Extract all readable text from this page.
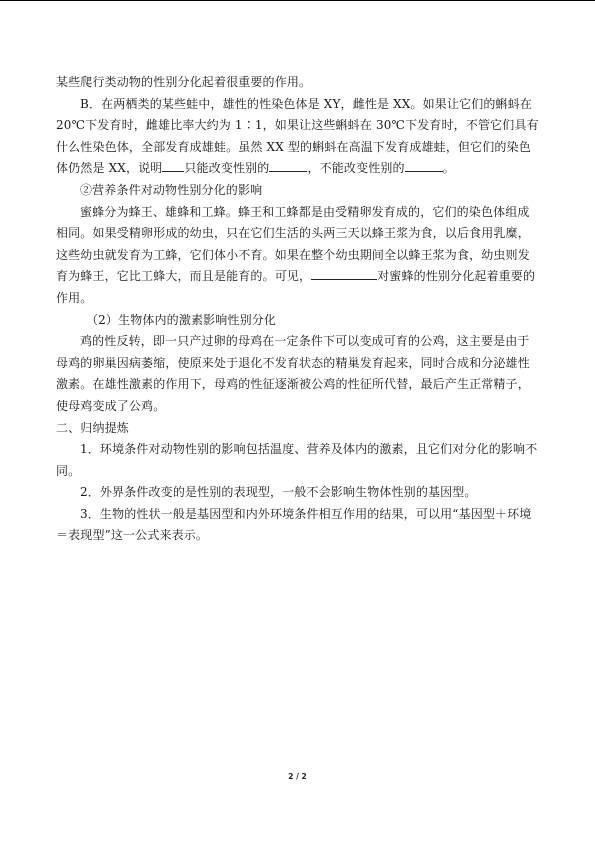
某些爬行类动物的性别分化起着很重要的作用。

B．在两栖类的某些蛙中，雄性的性染色体是 XY，雌性是 XX。如果让它们的蝌蚪在 20℃下发育时，雌雄比率大约为 1∶1，如果让这些蝌蚪在 30℃下发育时，不管它们具有什么性染色体，全部发育成雄蛙。虽然 XX 型的蝌蚪在高温下发育成雄蛙，但它们的染色体仍然是 XX，说明 只能改变性别的	，不能改变性别的	。

②营养条件对动物性别分化的影响

蜜蜂分为蜂王、雄蜂和工蜂。蜂王和工蜂都是由受精卵发育成的，它们的染色体组成相同。如果受精卵形成的幼虫，只在它们生活的头两三天以蜂王浆为食，以后食用乳糜，这些幼虫就发育为工蜂，它们体小不育。如果在整个幼虫期间全以蜂王浆为食，幼虫则发育为蜂王，它比工蜂大，而且是能育的。可见，	对蜜蜂的性别分化起着重要的作用。

（2）生物体内的激素影响性别分化

鸡的性反转，即一只产过卵的母鸡在一定条件下可以变成可育的公鸡，这主要是由于母鸡的卵巢因病萎缩，使原来处于退化不发育状态的精巢发育起来，同时合成和分泌雄性激素。在雄性激素的作用下，母鸡的性征逐渐被公鸡的性征所代替，最后产生正常精子，使母鸡变成了公鸡。

二、归纳提炼

1．环境条件对动物性别的影响包括温度、营养及体内的激素，且它们对分化的影响不同。

2．外界条件改变的是性别的表现型，一般不会影响生物体性别的基因型。

3．生物的性状一般是基因型和内外环境条件相互作用的结果，可以用“基因型＋环境＝表现型”这一公式来表示。

2 / 2
